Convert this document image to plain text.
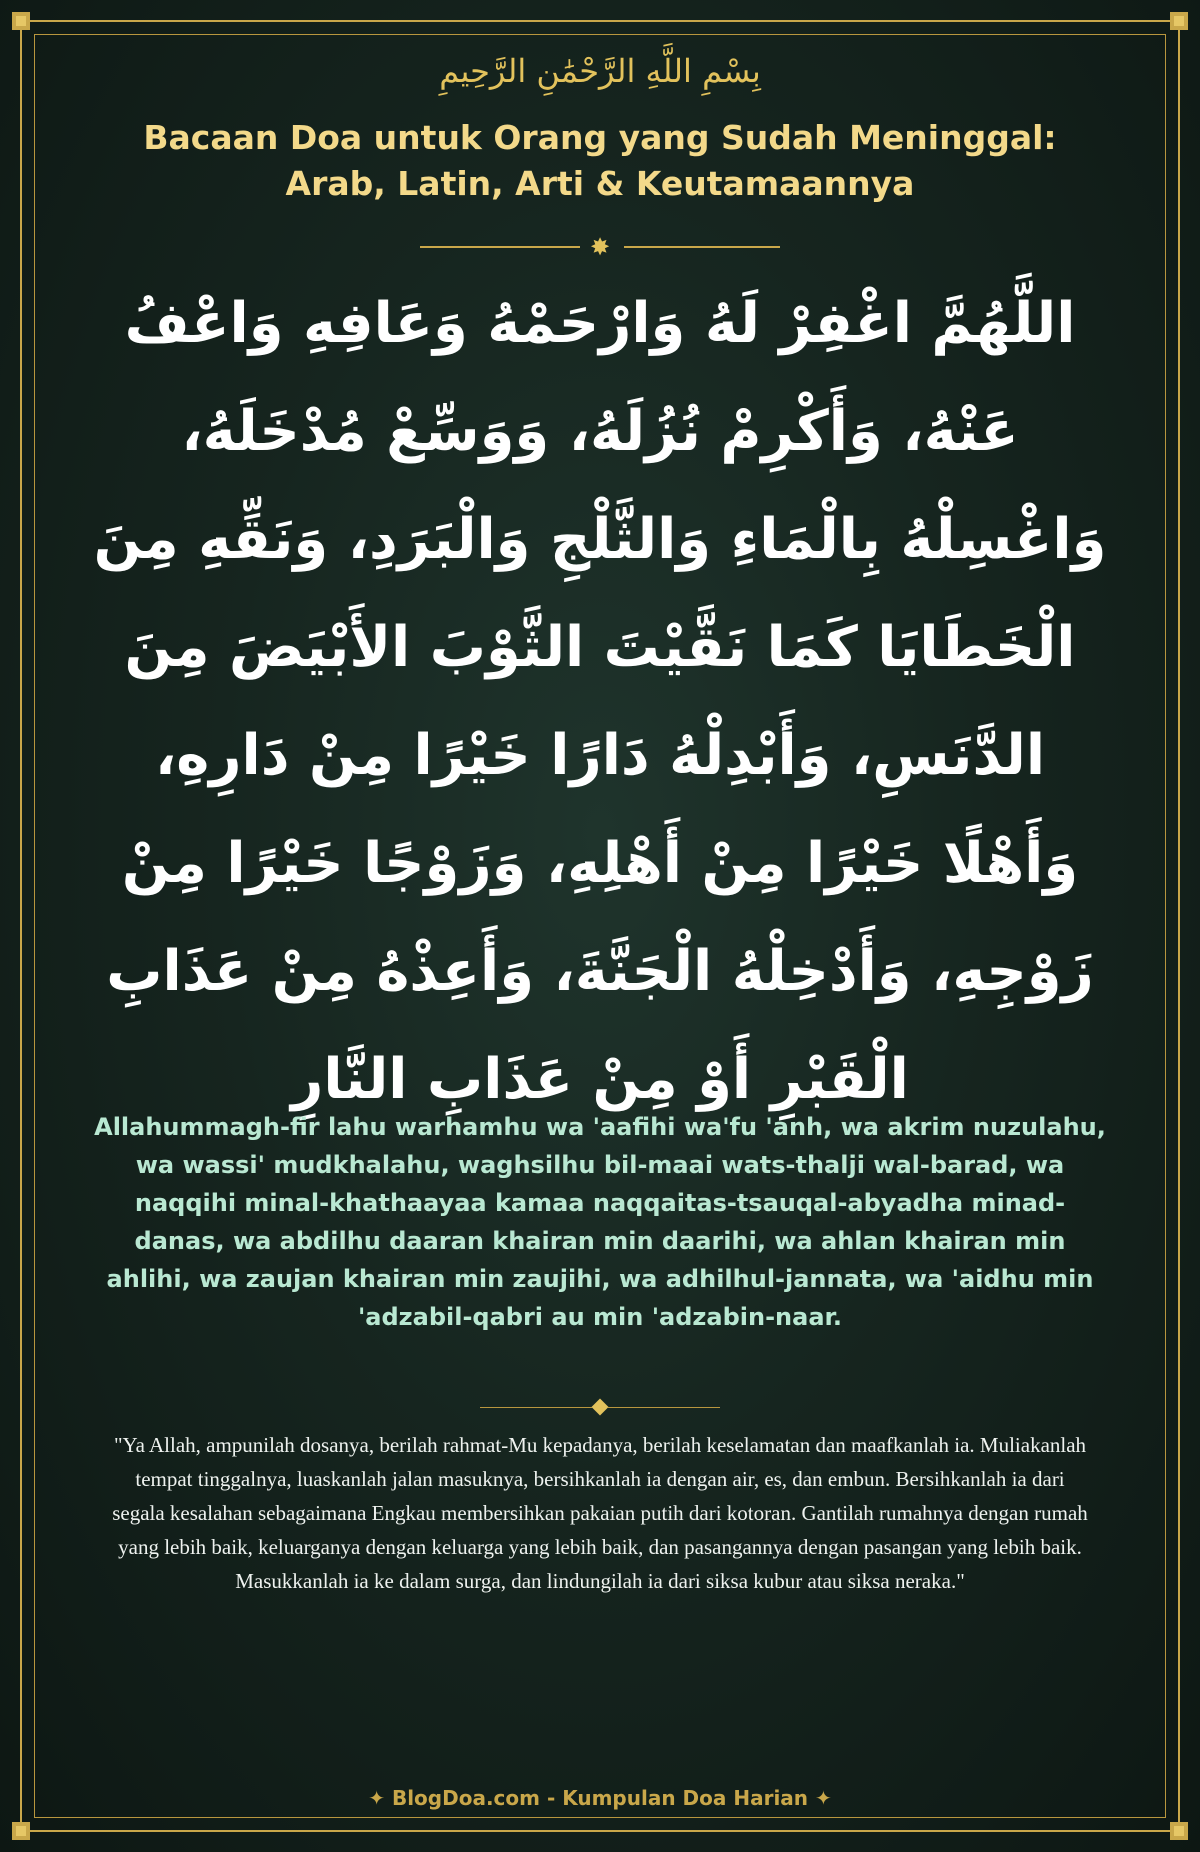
بِسْمِ اللَّهِ الرَّحْمَٰنِ الرَّحِيمِ
Bacaan Doa untuk Orang yang Sudah Meninggal: Arab, Latin, Arti & Keutamaannya
✸
اللَّهُمَّ اغْفِرْ لَهُ وَارْحَمْهُ وَعَافِهِ وَاعْفُ عَنْهُ، وَأَكْرِمْ نُزُلَهُ، وَوَسِّعْ مُدْخَلَهُ، وَاغْسِلْهُ بِالْمَاءِ وَالثَّلْجِ وَالْبَرَدِ، وَنَقِّهِ مِنَ الْخَطَايَا كَمَا نَقَّيْتَ الثَّوْبَ الأَبْيَضَ مِنَ الدَّنَسِ، وَأَبْدِلْهُ دَارًا خَيْرًا مِنْ دَارِهِ، وَأَهْلًا خَيْرًا مِنْ أَهْلِهِ، وَزَوْجًا خَيْرًا مِنْ زَوْجِهِ، وَأَدْخِلْهُ الْجَنَّةَ، وَأَعِذْهُ مِنْ عَذَابِ الْقَبْرِ أَوْ مِنْ عَذَابِ النَّارِ
Allahummagh-fir lahu warhamhu wa 'aafihi wa'fu 'anh, wa akrim nuzulahu, wa wassi' mudkhalahu, waghsilhu bil-maai wats-thalji wal-barad, wa naqqihi minal-khathaayaa kamaa naqqaitas-tsauqal-abyadha minad-danas, wa abdilhu daaran khairan min daarihi, wa ahlan khairan min ahlihi, wa zaujan khairan min zaujihi, wa adhilhul-jannata, wa 'aidhu min 'adzabil-qabri au min 'adzabin-naar.
"Ya Allah, ampunilah dosanya, berilah rahmat-Mu kepadanya, berilah keselamatan dan maafkanlah ia. Muliakanlah tempat tinggalnya, luaskanlah jalan masuknya, bersihkanlah ia dengan air, es, dan embun. Bersihkanlah ia dari segala kesalahan sebagaimana Engkau membersihkan pakaian putih dari kotoran. Gantilah rumahnya dengan rumah yang lebih baik, keluarganya dengan keluarga yang lebih baik, dan pasangannya dengan pasangan yang lebih baik. Masukkanlah ia ke dalam surga, dan lindungilah ia dari siksa kubur atau siksa neraka."
✦ BlogDoa.com - Kumpulan Doa Harian ✦
